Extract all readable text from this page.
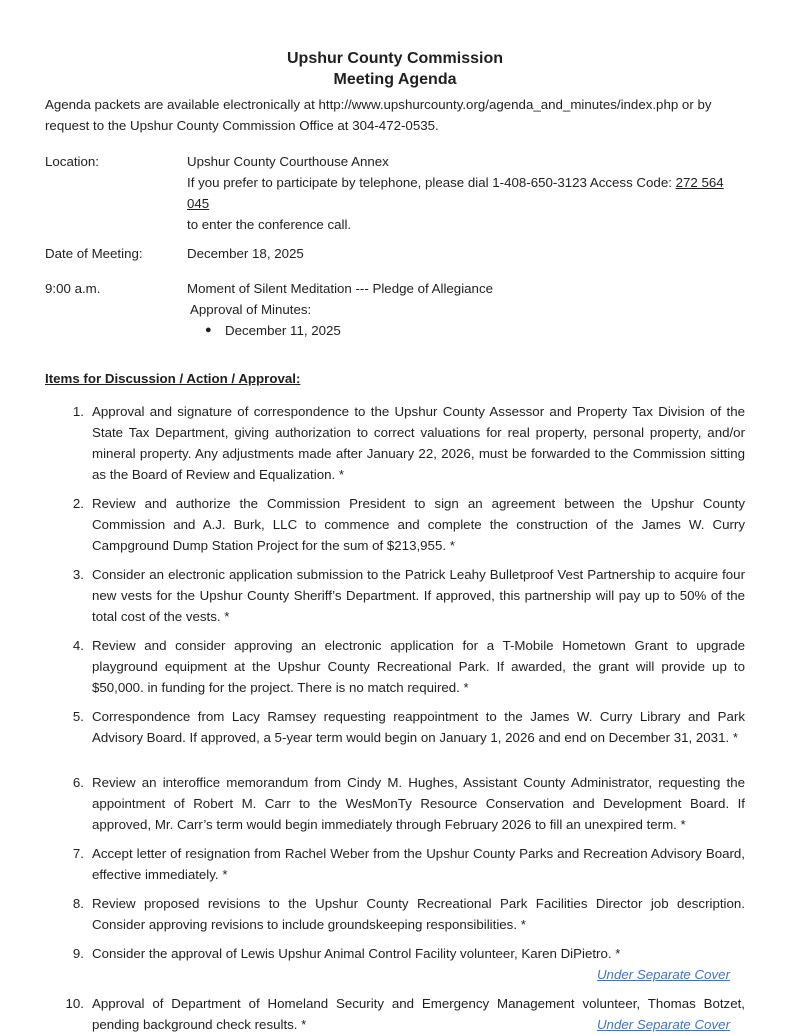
Upshur County Commission
Meeting Agenda
Agenda packets are available electronically at http://www.upshurcounty.org/agenda_and_minutes/index.php or by request to the Upshur County Commission Office at 304-472-0535.
Location:	Upshur County Courthouse Annex
If you prefer to participate by telephone, please dial 1-408-650-3123 Access Code: 272 564 045
to enter the conference call.
Date of Meeting:	December 18, 2025
9:00 a.m.	Moment of Silent Meditation --- Pledge of Allegiance
Approval of Minutes:
●	December 11, 2025
Items for Discussion / Action / Approval:
1. Approval and signature of correspondence to the Upshur County Assessor and Property Tax Division of the State Tax Department, giving authorization to correct valuations for real property, personal property, and/or mineral property. Any adjustments made after January 22, 2026, must be forwarded to the Commission sitting as the Board of Review and Equalization. *
2. Review and authorize the Commission President to sign an agreement between the Upshur County Commission and A.J. Burk, LLC to commence and complete the construction of the James W. Curry Campground Dump Station Project for the sum of $213,955. *
3. Consider an electronic application submission to the Patrick Leahy Bulletproof Vest Partnership to acquire four new vests for the Upshur County Sheriff’s Department. If approved, this partnership will pay up to 50% of the total cost of the vests. *
4. Review and consider approving an electronic application for a T-Mobile Hometown Grant to upgrade playground equipment at the Upshur County Recreational Park. If awarded, the grant will provide up to $50,000. in funding for the project. There is no match required. *
5. Correspondence from Lacy Ramsey requesting reappointment to the James W. Curry Library and Park Advisory Board. If approved, a 5-year term would begin on January 1, 2026 and end on December 31, 2031. *
6. Review an interoffice memorandum from Cindy M. Hughes, Assistant County Administrator, requesting the appointment of Robert M. Carr to the WesMonTy Resource Conservation and Development Board. If approved, Mr. Carr’s term would begin immediately through February 2026 to fill an unexpired term. *
7. Accept letter of resignation from Rachel Weber from the Upshur County Parks and Recreation Advisory Board, effective immediately. *
8. Review proposed revisions to the Upshur County Recreational Park Facilities Director job description. Consider approving revisions to include groundskeeping responsibilities. *
9. Consider the approval of Lewis Upshur Animal Control Facility volunteer, Karen DiPietro. *
Under Separate Cover
10. Approval of Department of Homeland Security and Emergency Management volunteer, Thomas Botzet, pending background check results. *	Under Separate Cover
